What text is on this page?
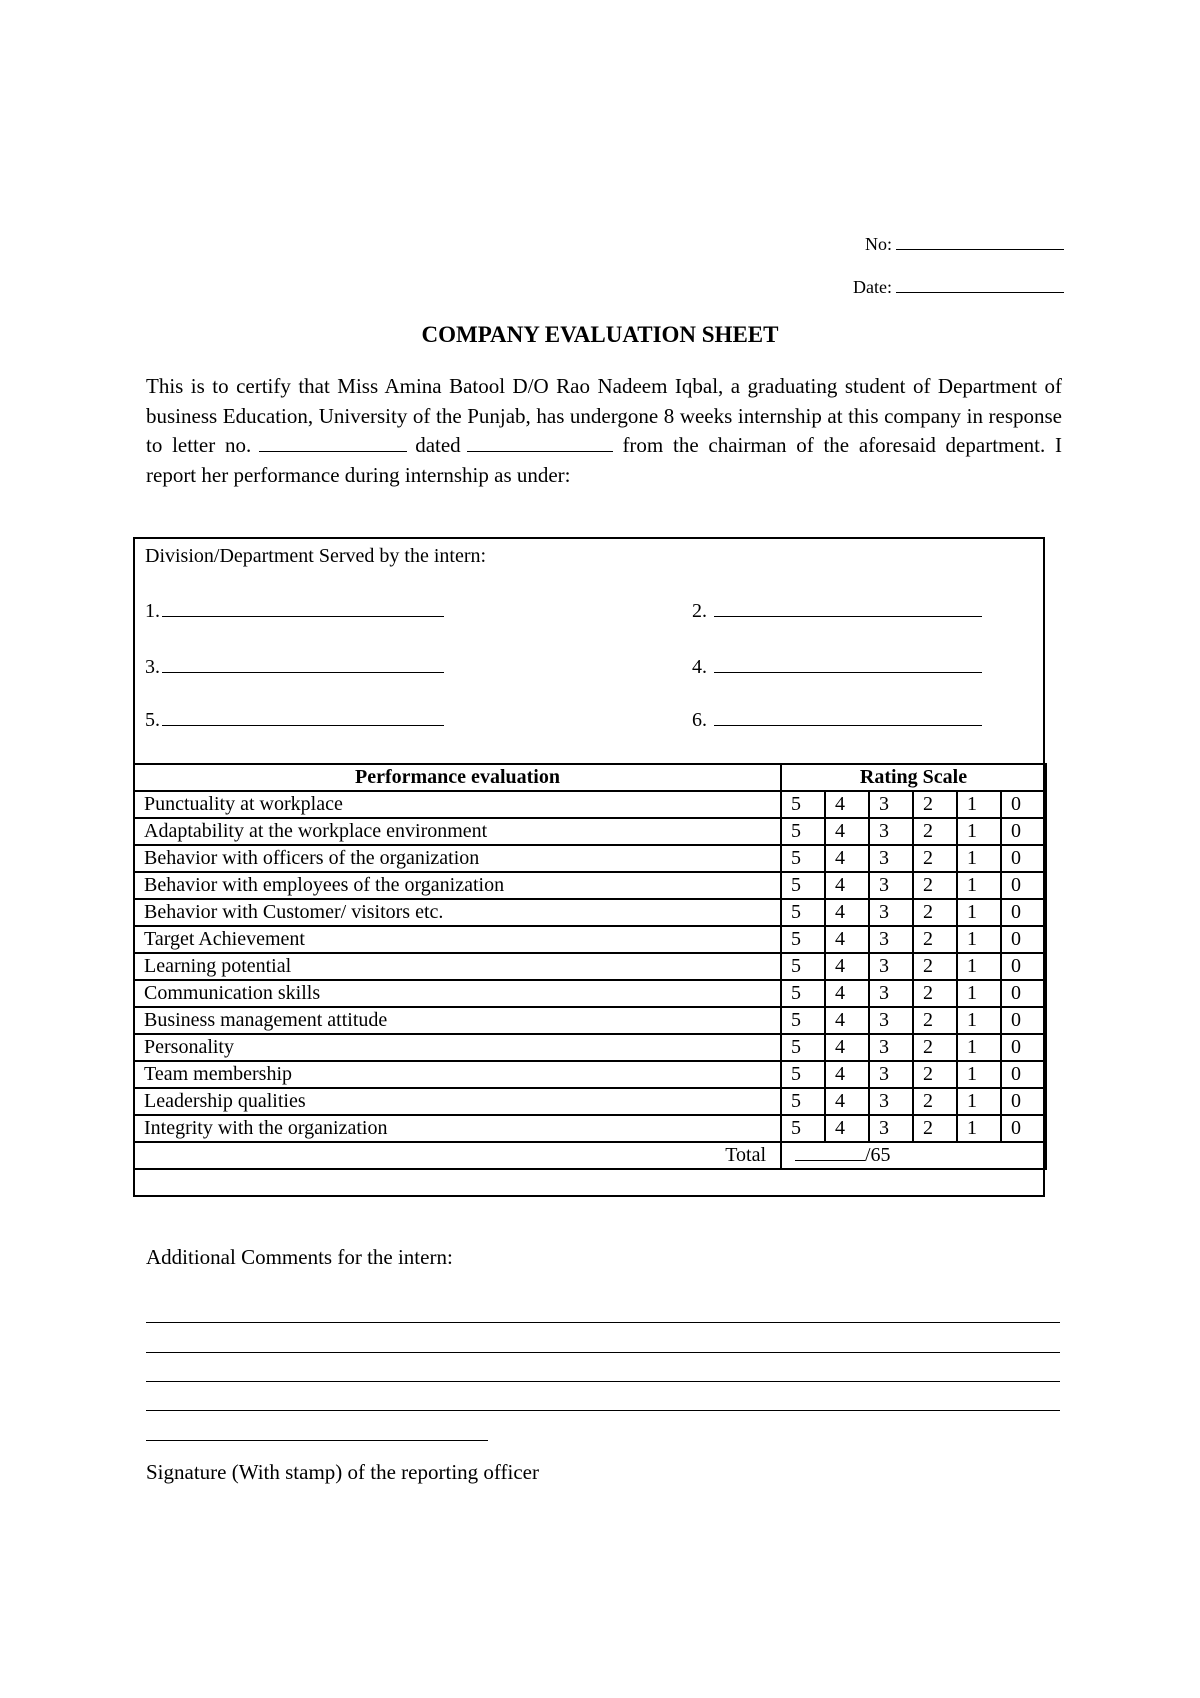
No:
Date:
COMPANY EVALUATION SHEET

This is to certify that Miss Amina Batool D/O Rao Nadeem Iqbal, a graduating student of Department of business Education, University of the Punjab, has undergone 8 weeks internship at this company in response to letter no.	dated	from the chairman of the aforesaid department. I report her performance during internship as under:

Division/Department Served by the intern:
1.	2.
3.	4.
5.	6.
Performance evaluation	Rating Scale					
Punctuality at workplace	5	4	3	2	1	0
Adaptability at the workplace environment	5	4	3	2	1	0
Behavior with officers of the organization	5	4	3	2	1	0
Behavior with employees of the organization	5	4	3	2	1	0
Behavior with Customer/ visitors etc.	5	4	3	2	1	0
Target Achievement	5	4	3	2	1	0
Learning potential	5	4	3	2	1	0
Communication skills	5	4	3	2	1	0
Business management attitude	5	4	3	2	1	0
Personality	5	4	3	2	1	0
Team membership	5	4	3	2	1	0
Leadership qualities	5	4	3	2	1	0
Integrity with the organization	5	4	3	2	1	0
Total	/65					
Additional Comments for the intern:
Signature (With stamp) of the reporting officer
